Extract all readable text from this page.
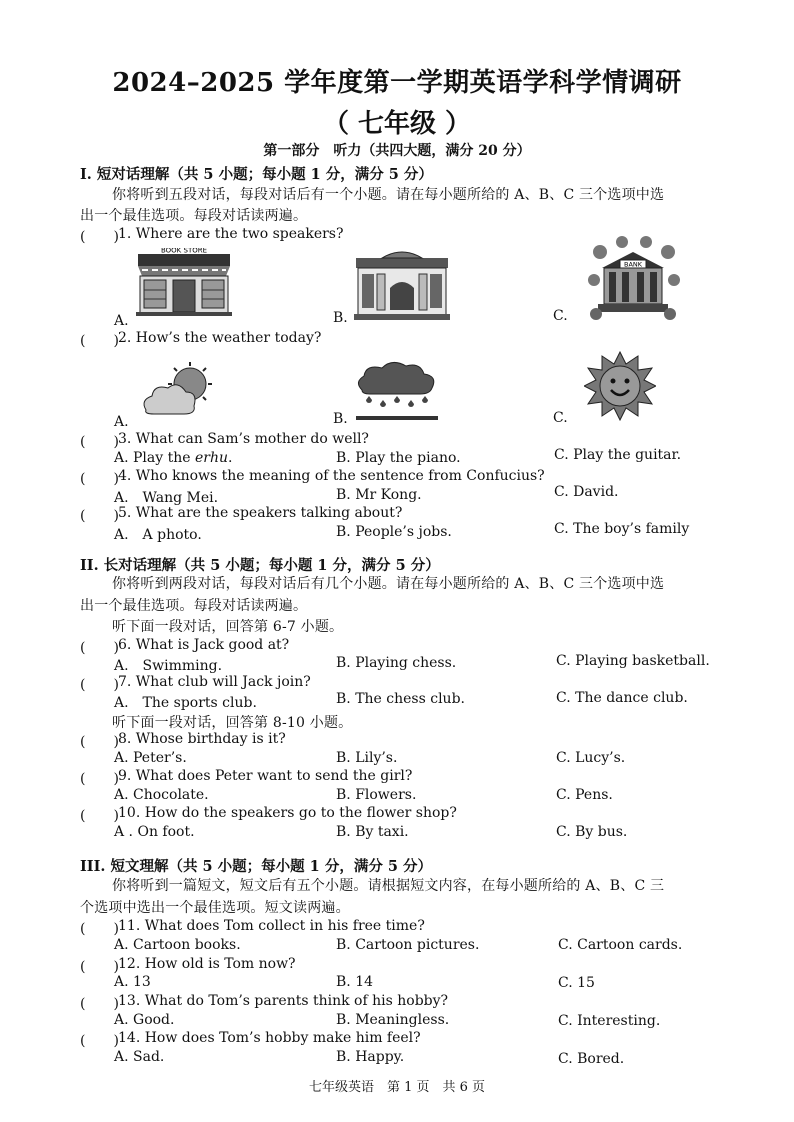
2024–2025 学年度第一学期英语学科学情调研
（ 七年级 ）
第一部分　听力（共四大题，满分 20 分）
I. 短对话理解（共 5 小题；每小题 1 分，满分 5 分）
你将听到五段对话，每段对话后有一个小题。请在每小题所给的 A、B、C 三个选项中选
出一个最佳选项。每段对话读两遍。
(　　) 1. Where are the two speakers?
BOOK STORE
A.	B.
BANK
C.
(　　) 2. How’s the weather today?
A.	B.	C.
(　　) 3. What can Sam’s mother do well?
A. Play the erhu.	B. Play the piano.	C. Play the guitar.
(　　) 4. Who knows the meaning of the sentence from Confucius?
A.　Wang Mei.	B. Mr Kong.	C. David.
(　　) 5. What are the speakers talking about?
A.　A photo.	B. People’s jobs.	C. The boy’s family
II. 长对话理解（共 5 小题；每小题 1 分，满分 5 分）
你将听到两段对话，每段对话后有几个小题。请在每小题所给的 A、B、C 三个选项中选
出一个最佳选项。每段对话读两遍。
听下面一段对话，回答第 6-7 小题。
(　　) 6. What is Jack good at?
A.　Swimming.	B. Playing chess.	C. Playing basketball.
(　　) 7. What club will Jack join?
A.　The sports club.	B. The chess club.	C. The dance club.
听下面一段对话，回答第 8-10 小题。
(　　) 8. Whose birthday is it?
A. Peter’s.	B. Lily’s.	C. Lucy’s.
(　　) 9. What does Peter want to send the girl?
A. Chocolate.	B. Flowers.	C. Pens.
(　　) 10. How do the speakers go to the flower shop?
A . On foot.	B. By taxi.	C. By bus.
III. 短文理解（共 5 小题；每小题 1 分，满分 5 分）
你将听到一篇短文，短文后有五个小题。请根据短文内容，在每小题所给的 A、B、C 三
个选项中选出一个最佳选项。短文读两遍。
(　　) 11. What does Tom collect in his free time?
A. Cartoon books.	B. Cartoon pictures.	C. Cartoon cards.
(　　) 12. How old is Tom now?
A. 13	B. 14	C. 15
(　　) 13. What do Tom’s parents think of his hobby?
A. Good.	B. Meaningless.	C. Interesting.
(　　) 14. How does Tom’s hobby make him feel?
A. Sad.	B. Happy.	C. Bored.
七年级英语　第 1 页　共 6 页
